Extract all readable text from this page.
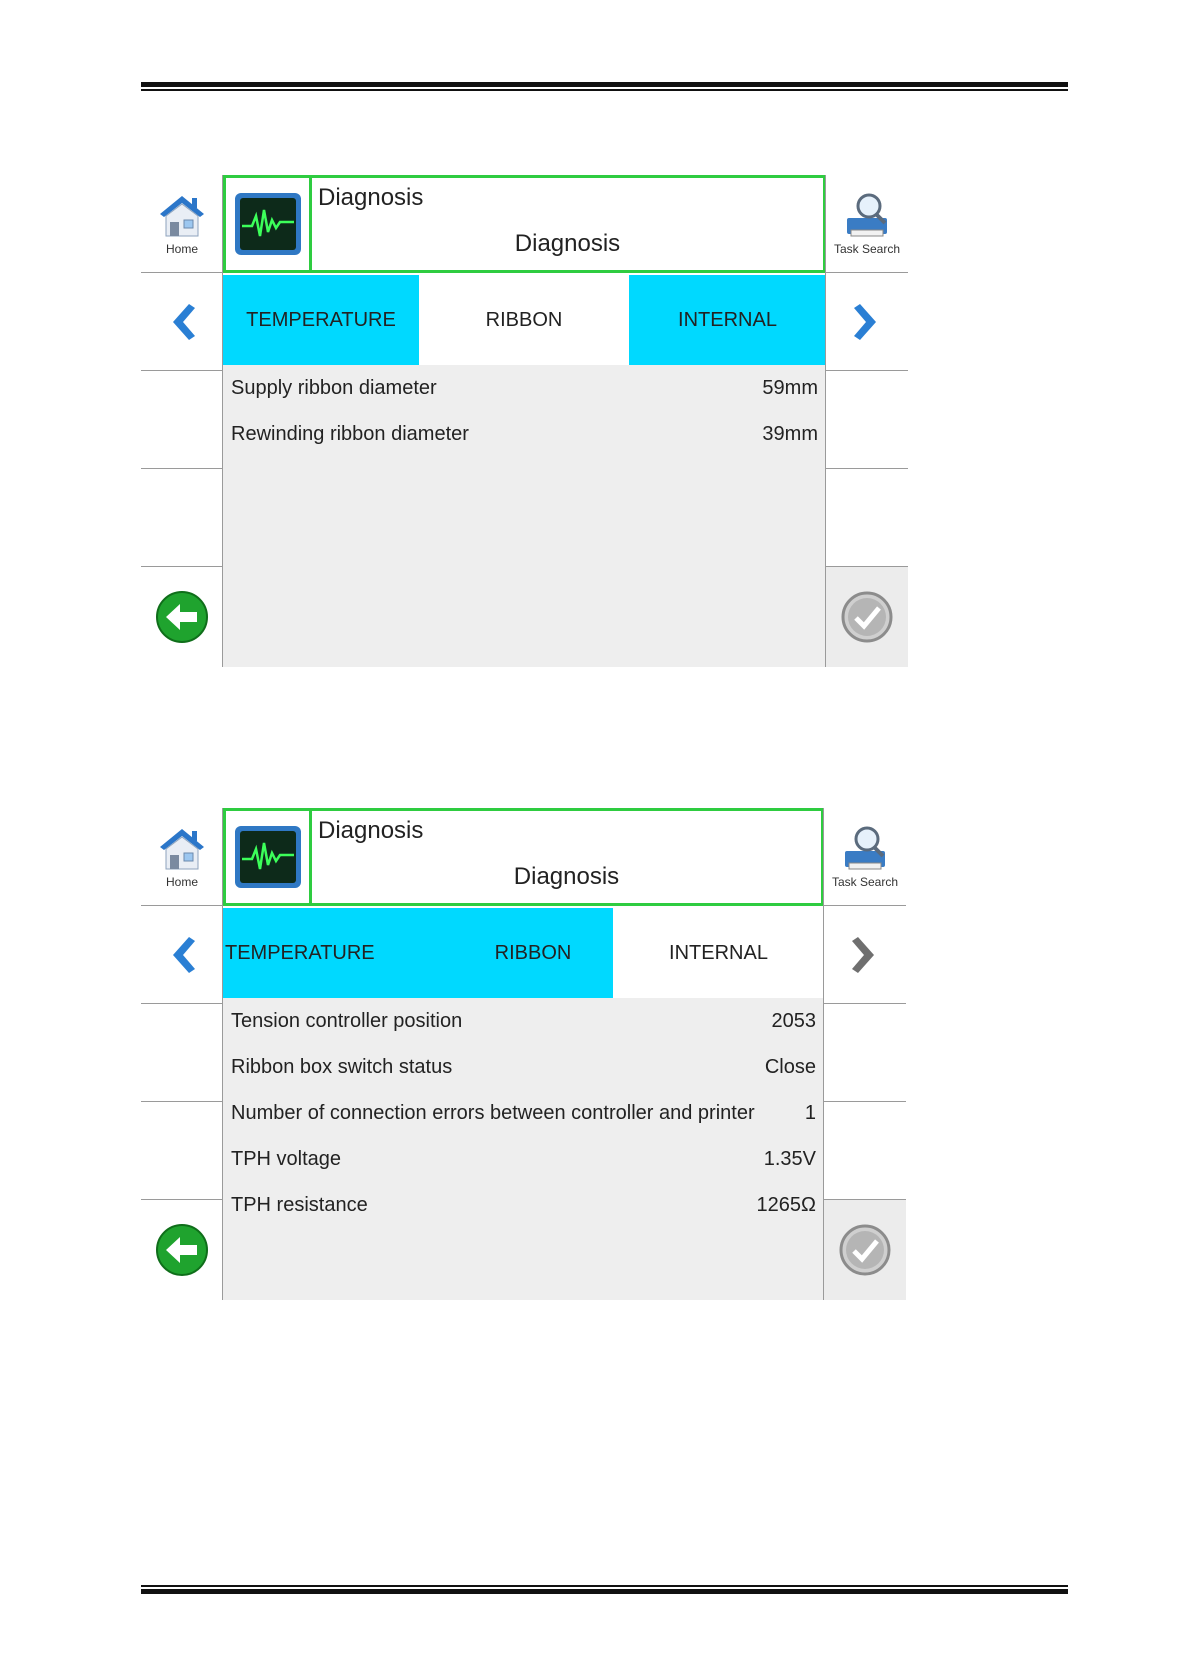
Home
Diagnosis
Diagnosis
TEMPERATURE	RIBBON	INTERNAL
Supply ribbon diameter	59mm
Rewinding ribbon diameter	39mm
Task Search
Home
Diagnosis
Diagnosis
TEMPERATURE	RIBBON	INTERNAL
Tension controller position	2053
Ribbon box switch status	Close
Number of connection errors between controller and printer	1
TPH voltage	1.35V
TPH resistance	1265Ω
Task Search
